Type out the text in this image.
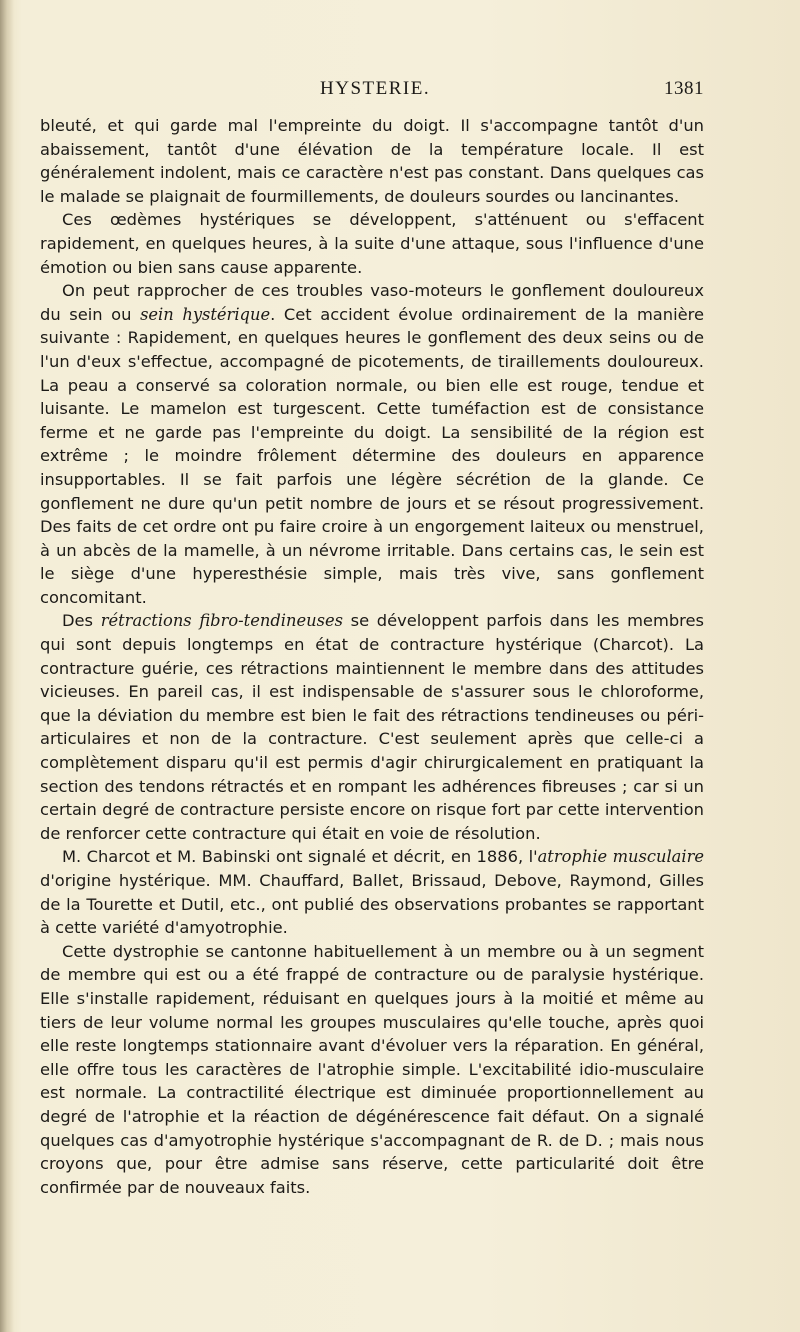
HYSTERIE.	1381

bleuté, et qui garde mal l'empreinte du doigt. Il s'accompagne tantôt d'un abaissement, tantôt d'une élévation de la température locale. Il est généralement indolent, mais ce caractère n'est pas constant. Dans quelques cas le malade se plaignait de fourmillements, de douleurs sourdes ou lancinantes.

Ces œdèmes hystériques se développent, s'atténuent ou s'effacent rapidement, en quelques heures, à la suite d'une attaque, sous l'influence d'une émotion ou bien sans cause apparente.

On peut rapprocher de ces troubles vaso-moteurs le gonflement douloureux du sein ou sein hystérique. Cet accident évolue ordinairement de la manière suivante : Rapidement, en quelques heures le gonflement des deux seins ou de l'un d'eux s'effectue, accompagné de picotements, de tiraillements douloureux. La peau a conservé sa coloration normale, ou bien elle est rouge, tendue et luisante. Le mamelon est turgescent. Cette tuméfaction est de consistance ferme et ne garde pas l'empreinte du doigt. La sensibilité de la région est extrême ; le moindre frôlement détermine des douleurs en apparence insupportables. Il se fait parfois une légère sécrétion de la glande. Ce gonflement ne dure qu'un petit nombre de jours et se résout progressivement. Des faits de cet ordre ont pu faire croire à un engorgement laiteux ou menstruel, à un abcès de la mamelle, à un névrome irritable. Dans certains cas, le sein est le siège d'une hyperesthésie simple, mais très vive, sans gonflement concomitant.

Des rétractions fibro-tendineuses se développent parfois dans les membres qui sont depuis longtemps en état de contracture hystérique (Charcot). La contracture guérie, ces rétractions maintiennent le membre dans des attitudes vicieuses. En pareil cas, il est indispensable de s'assurer sous le chloroforme, que la déviation du membre est bien le fait des rétractions tendineuses ou péri-articulaires et non de la contracture. C'est seulement après que celle-ci a complètement disparu qu'il est permis d'agir chirurgicalement en pratiquant la section des tendons rétractés et en rompant les adhérences fibreuses ; car si un certain degré de contracture persiste encore on risque fort par cette intervention de renforcer cette contracture qui était en voie de résolution.

M. Charcot et M. Babinski ont signalé et décrit, en 1886, l'atrophie musculaire d'origine hystérique. MM. Chauffard, Ballet, Brissaud, Debove, Raymond, Gilles de la Tourette et Dutil, etc., ont publié des observations probantes se rapportant à cette variété d'amyotrophie.

Cette dystrophie se cantonne habituellement à un membre ou à un segment de membre qui est ou a été frappé de contracture ou de paralysie hystérique. Elle s'installe rapidement, réduisant en quelques jours à la moitié et même au tiers de leur volume normal les groupes musculaires qu'elle touche, après quoi elle reste longtemps stationnaire avant d'évoluer vers la réparation. En général, elle offre tous les caractères de l'atrophie simple. L'excitabilité idio-musculaire est normale. La contractilité électrique est diminuée proportionnellement au degré de l'atrophie et la réaction de dégénérescence fait défaut. On a signalé quelques cas d'amyotrophie hystérique s'accompagnant de R. de D. ; mais nous croyons que, pour être admise sans réserve, cette particularité doit être confirmée par de nouveaux faits.
